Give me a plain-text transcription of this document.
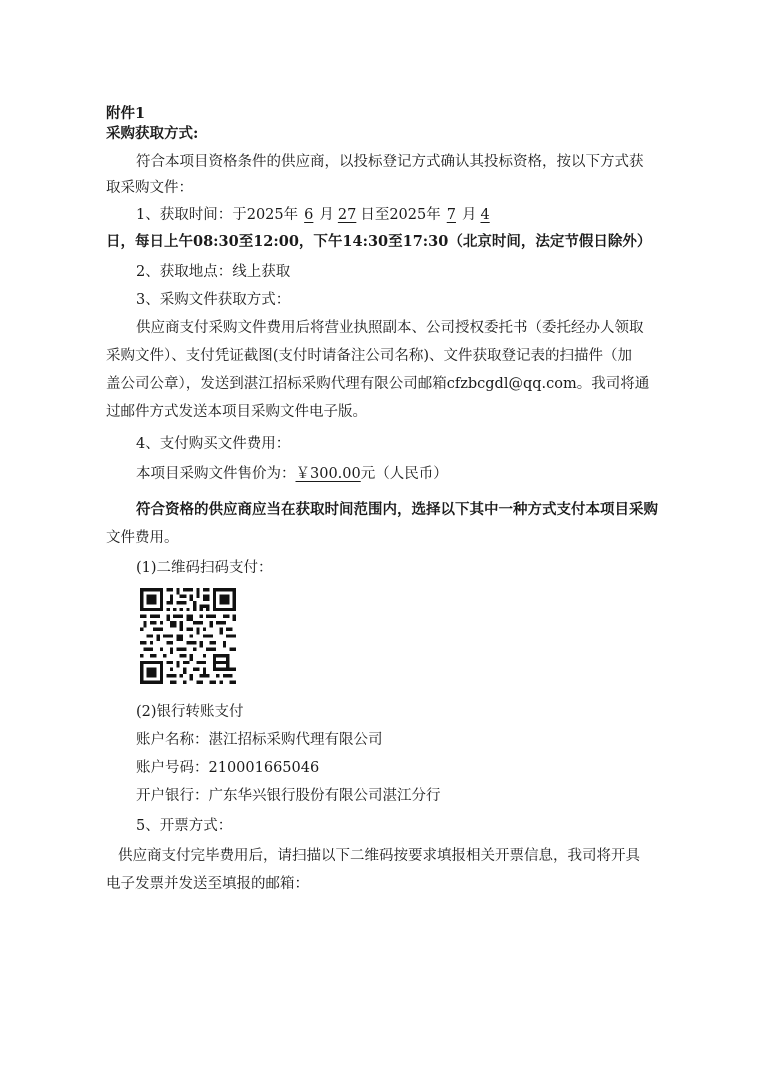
附件1
采购获取方式:
符合本项目资格条件的供应商，以投标登记方式确认其投标资格，按以下方式获
取采购文件：
1、获取时间：于2025年 6 月 27 日至2025年 7 月 4
日，每日上午08:30至12:00，下午14:30至17:30（北京时间，法定节假日除外）
2、获取地点：线上获取
3、采购文件获取方式：
供应商支付采购文件费用后将营业执照副本、公司授权委托书（委托经办人领取
采购文件）、支付凭证截图(支付时请备注公司名称)、文件获取登记表的扫描件（加
盖公司公章），发送到湛江招标采购代理有限公司邮箱cfzbcgdl@qq.com。我司将通
过邮件方式发送本项目采购文件电子版。
4、支付购买文件费用：
本项目采购文件售价为：￥300.00元（人民币）
符合资格的供应商应当在获取时间范围内，选择以下其中一种方式支付本项目采购
文件费用。
(1)二维码扫码支付：
(2)银行转账支付
账户名称：湛江招标采购代理有限公司
账户号码：210001665046
开户银行：广东华兴银行股份有限公司湛江分行
5、开票方式：
供应商支付完毕费用后，请扫描以下二维码按要求填报相关开票信息，我司将开具
电子发票并发送至填报的邮箱：
